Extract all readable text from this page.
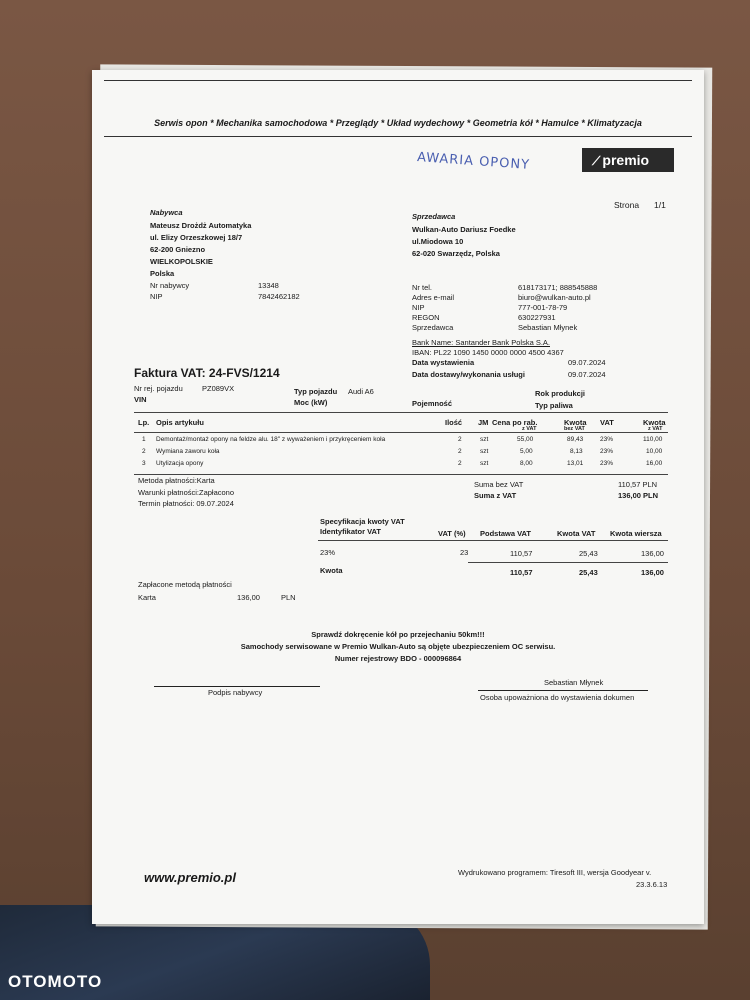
Serwis opon * Mechanika samochodowa * Przeglądy * Układ wydechowy * Geometria kół * Hamulce * Klimatyzacja
AWARIA OPONY	⟋ premio
Strona 1/1
Nabywca
Mateusz Drożdż Automatyka
ul. Elizy Orzeszkowej 18/7
62-200 Gniezno
WIELKOPOLSKIE
Polska
Nr nabywcy	13348
NIP	7842462182
Sprzedawca
Wulkan-Auto Dariusz Foedke
ul.Miodowa 10
62-020 Swarzędz, Polska
Nr tel.	618173171; 888545888
Adres e-mail	biuro@wulkan-auto.pl
NIP	777-001-78-79
REGON	630227931
Sprzedawca	Sebastian Młynek
Bank Name: Santander Bank Polska S.A.
IBAN: PL22 1090 1450 0000 0000 4500 4367
Data wystawienia	09.07.2024
Data dostawy/wykonania usługi	09.07.2024
Faktura VAT: 24-FVS/1214
Nr rej. pojazdu	PZ089VX
VIN
Typ pojazdu Audi A6
Moc (kW)	Pojemność
Rok produkcji
Typ paliwa
Lp. Opis artykułu	Ilość JM Cena po rab.
z VAT
Kwota
bez VAT
VAT	Kwota
z VAT
1 Demontaż/montaż opony na feldze alu. 18" z wyważeniem i przykręceniem koła	2	szt	55,00	89,43	23%	110,00
2 Wymiana zaworu koła	2	szt	5,00	8,13	23%	10,00
3 Utylizacja opony	2	szt	8,00	13,01	23%	16,00
Metoda płatności:Karta
Warunki płatności:Zapłacono
Termin płatności: 09.07.2024
Suma bez VAT	110,57 PLN
Suma z VAT	136,00 PLN
Specyfikacja kwoty VAT
Identyfikator VAT	VAT (%) Podstawa VAT	Kwota VAT Kwota wiersza
23%	23	110,57	25,43	136,00
Kwota	110,57	25,43	136,00
Zapłacone metodą płatności
Karta	136,00	PLN
Sprawdź dokręcenie kół po przejechaniu 50km!!!
Samochody serwisowane w Premio Wulkan-Auto są objęte ubezpieczeniem OC serwisu.
Numer rejestrowy BDO - 000096864
Sebastian Młynek
Podpis nabywcy
Osoba upoważniona do wystawienia dokumen
www.premio.pl	Wydrukowano programem: Tiresoft III, wersja Goodyear v.
23.3.6.13
OTOMOTO
